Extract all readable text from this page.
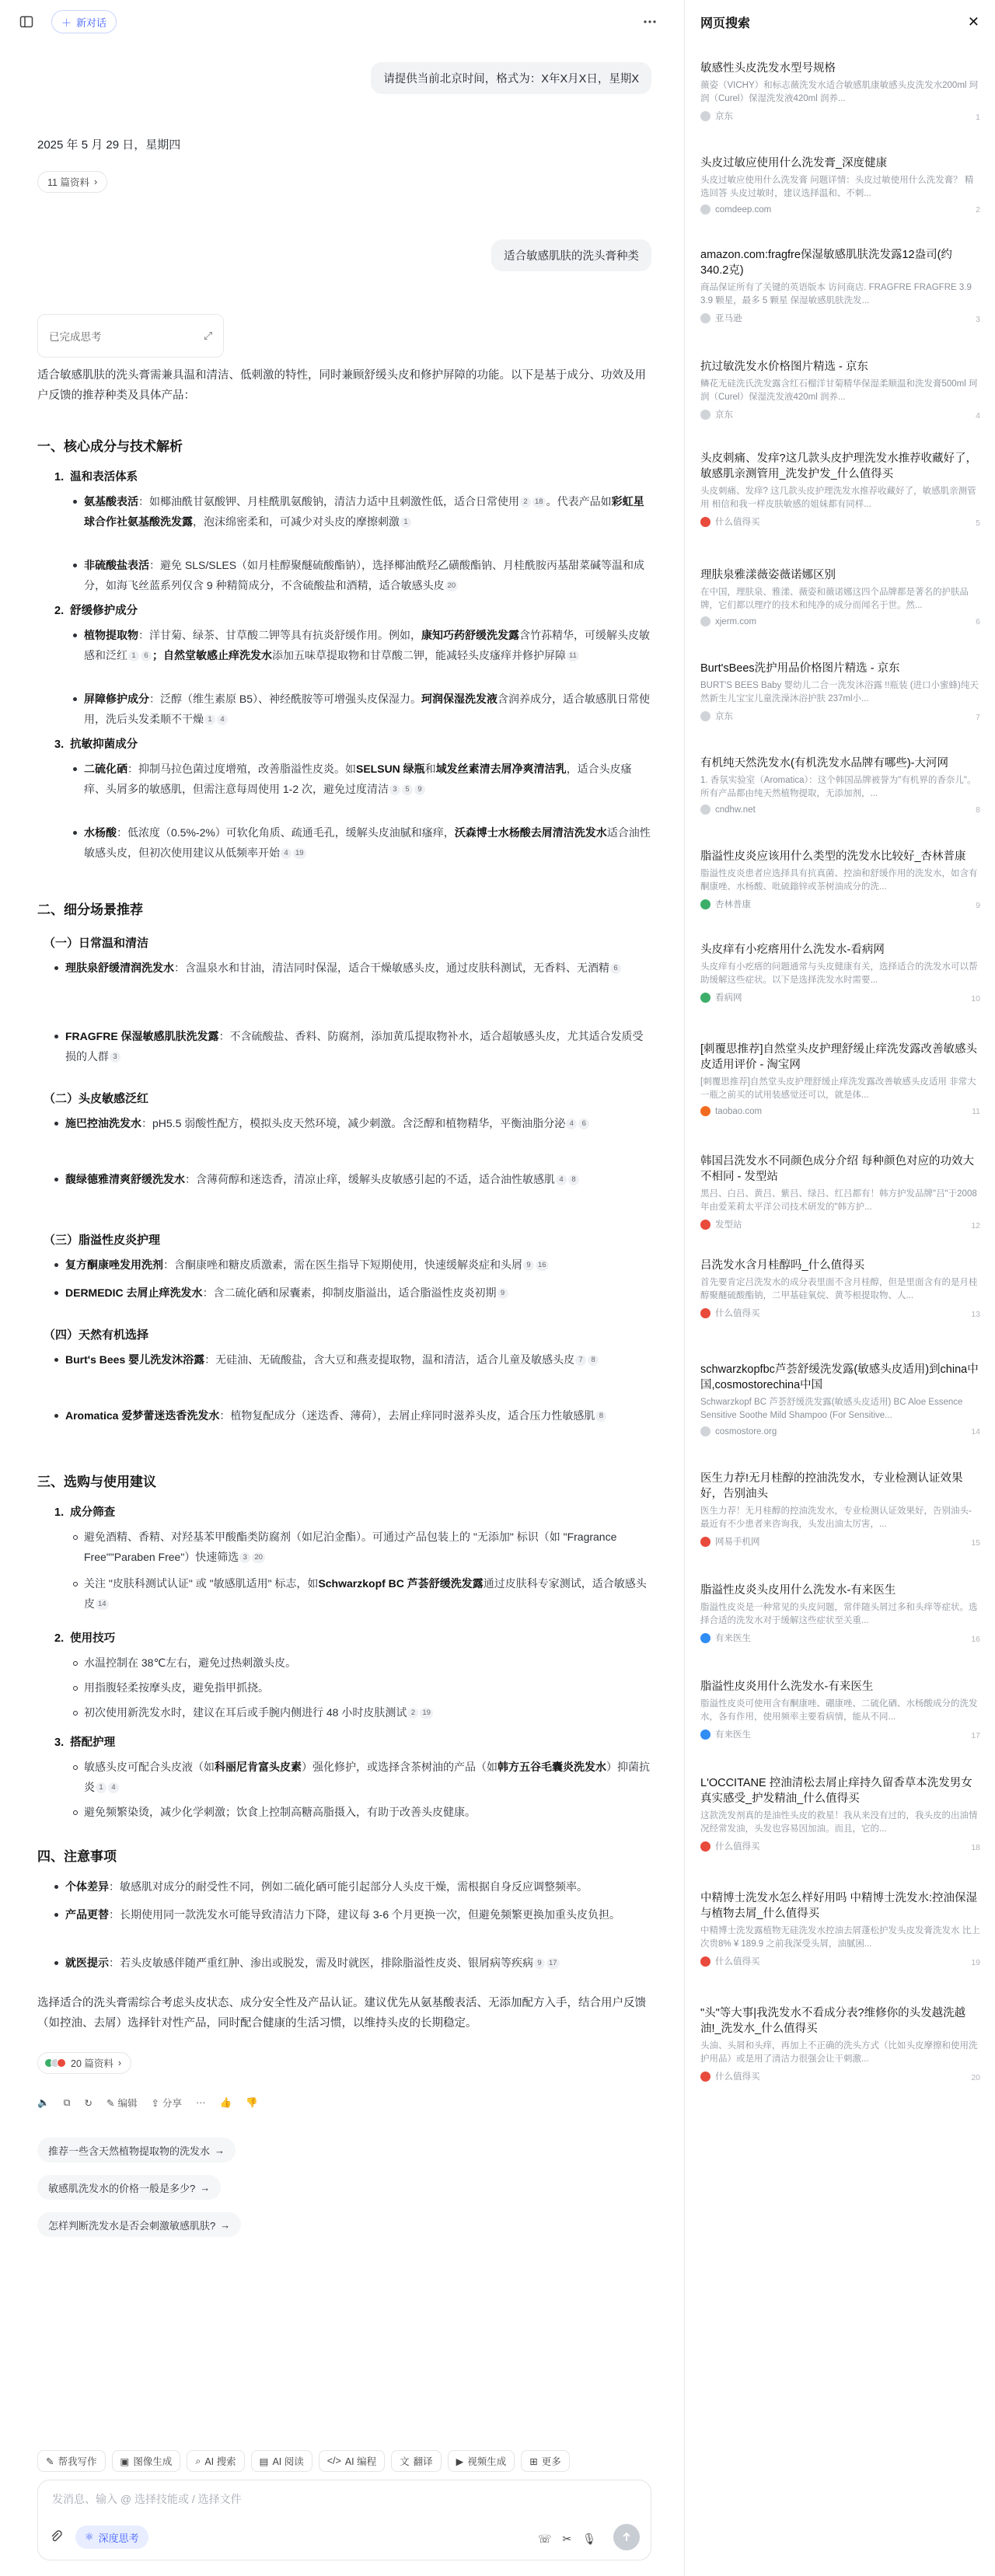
＋ 新对话
请提供当前北京时间，格式为：X年X月X日，星期X
2025 年 5 月 29 日，星期四
11 篇资料 ›
适合敏感肌肤的洗头膏种类
已完成思考	⤢
适合敏感肌肤的洗头膏需兼具温和清洁、低刺激的特性，同时兼顾舒缓头皮和修护屏障的功能。以下是基于成分、功效及用户反馈的推荐种类及具体产品：
一、核心成分与技术解析
1.  温和表活体系
氨基酸表活：如椰油酰甘氨酸钾、月桂酰肌氨酸钠，清洁力适中且刺激性低，适合日常使用 2 18 。代表产品如彩虹星球合作社氨基酸洗发露，泡沫绵密柔和，可减少对头皮的摩擦刺激 1
非硫酸盐表活：避免 SLS/SLES（如月桂醇聚醚硫酸酯钠），选择椰油酰羟乙磺酸酯钠、月桂酰胺丙基甜菜碱等温和成分，如海飞丝蓝系列仅含 9 种精简成分，不含硫酸盐和酒精，适合敏感头皮 20
2.  舒缓修护成分
植物提取物：洋甘菊、绿茶、甘草酸二钾等具有抗炎舒缓作用。例如，康知巧药舒缓洗发露含竹荪精华，可缓解头皮敏感和泛红 1 6 ；自然堂敏感止痒洗发水添加五味草提取物和甘草酸二钾，能减轻头皮瘙痒并修护屏障 11
屏障修护成分：泛醇（维生素原 B5）、神经酰胺等可增强头皮保湿力。珂润保湿洗发液含润养成分，适合敏感肌日常使用，洗后头发柔顺不干燥 1 4
3.  抗敏抑菌成分
二硫化硒：抑制马拉色菌过度增殖，改善脂溢性皮炎。如SELSUN 绿瓶和域发丝素清去屑净爽清洁乳，适合头皮瘙痒、头屑多的敏感肌，但需注意每周使用 1-2 次，避免过度清洁 3 5 9
水杨酸：低浓度（0.5%-2%）可软化角质、疏通毛孔，缓解头皮油腻和瘙痒，沃森博士水杨酸去屑清洁洗发水适合油性敏感头皮，但初次使用建议从低频率开始 4 19
二、细分场景推荐
（一）日常温和清洁
理肤泉舒缓清润洗发水：含温泉水和甘油，清洁同时保湿，适合干燥敏感头皮，通过皮肤科测试，无香料、无酒精 6
FRAGFRE 保湿敏感肌肤洗发露：不含硫酸盐、香料、防腐剂，添加黄瓜提取物补水，适合超敏感头皮，尤其适合发质受损的人群 3
（二）头皮敏感泛红
施巴控油洗发水：pH5.5 弱酸性配方，模拟头皮天然环境，减少刺激。含泛醇和植物精华，平衡油脂分泌 4 6
馥绿德雅清爽舒缓洗发水：含薄荷醇和迷迭香，清凉止痒，缓解头皮敏感引起的不适，适合油性敏感肌 4 8
（三）脂溢性皮炎护理
复方酮康唑发用洗剂：含酮康唑和糖皮质激素，需在医生指导下短期使用，快速缓解炎症和头屑 9 16
DERMEDIC 去屑止痒洗发水：含二硫化硒和尿囊素，抑制皮脂溢出，适合脂溢性皮炎初期 9
（四）天然有机选择
Burt's Bees 婴儿洗发沐浴露：无硅油、无硫酸盐，含大豆和燕麦提取物，温和清洁，适合儿童及敏感头皮 7 8
Aromatica 爱梦蕾迷迭香洗发水：植物复配成分（迷迭香、薄荷），去屑止痒同时滋养头皮，适合压力性敏感肌 8
三、选购与使用建议
1.  成分筛查
避免酒精、香精、对羟基苯甲酸酯类防腐剂（如尼泊金酯）。可通过产品包装上的 "无添加" 标识（如 "Fragrance Free""Paraben Free"）快速筛选 3 20
关注 "皮肤科测试认证" 或 "敏感肌适用" 标志，如Schwarzkopf BC 芦荟舒缓洗发露通过皮肤科专家测试，适合敏感头皮 14
2.  使用技巧
水温控制在 38℃左右，避免过热刺激头皮。
用指腹轻柔按摩头皮，避免指甲抓挠。
初次使用新洗发水时，建议在耳后或手腕内侧进行 48 小时皮肤测试 2 19
3.  搭配护理
敏感头皮可配合头皮液（如科丽尼肯富头皮素）强化修护，或选择含茶树油的产品（如韩方五谷毛囊炎洗发水）抑菌抗炎 1 4
避免频繁染烫，减少化学刺激；饮食上控制高糖高脂摄入，有助于改善头皮健康。
四、注意事项
个体差异：敏感肌对成分的耐受性不同，例如二硫化硒可能引起部分人头皮干燥，需根据自身反应调整频率。
产品更替：长期使用同一款洗发水可能导致清洁力下降，建议每 3-6 个月更换一次，但避免频繁更换加重头皮负担。
就医提示：若头皮敏感伴随严重红肿、渗出或脱发，需及时就医，排除脂溢性皮炎、银屑病等疾病 9 17
选择适合的洗头膏需综合考虑头皮状态、成分安全性及产品认证。建议优先从氨基酸表活、无添加配方入手，结合用户反馈（如控油、去屑）选择针对性产品，同时配合健康的生活习惯，以维持头皮的长期稳定。
20 篇资料 ›
🔈 ⧉ ↻ ✎ 编辑 ⇪ 分享 ··· 👍 👎
推荐一些含天然植物提取物的洗发水 →
敏感肌洗发水的价格一般是多少? →
怎样判断洗发水是否会刺激敏感肌肤? →
✎ 帮我写作 ▣ 图像生成 ⌕ AI 搜索 ▤ AI 阅读 </> AI 编程 文 翻译 ▶ 视频生成 ⊞ 更多
发消息、输入 @ 选择技能或 / 选择文件
⚛ 深度思考	☏ ✂ 🎙
网页搜索	✕
敏感性头皮洗发水型号规格
薇姿（VICHY）和标志薇洗发水适合敏感肌康敏感头皮洗发水200ml 珂润（Curel）保湿洗发液420ml 润养...
京东	1
头皮过敏应使用什么洗发膏_深度健康
头皮过敏应使用什么洗发膏 问题详情：头皮过敏使用什么洗发膏？ 精选回答 头皮过敏时，建议选择温和、不刺...
comdeep.com	2
amazon.com:fragfre保湿敏感肌肤洗发露12盎司(约340.2克)
商品保证所有了关键的英语版本 访问商店. FRAGFRE FRAGFRE 3.9 3.9 颗星，最多 5 颗星 保湿敏感肌肤洗发...
亚马逊	3
抗过敏洗发水价格图片精选 - 京东
鳞花无硅洗氏洗发露含红石榴洋甘菊精华保湿柔顺温和洗发膏500ml 珂润（Curel）保湿洗发液420ml 润养...
京东	4
头皮刺痛、发痒?这几款头皮护理洗发水推荐收藏好了，敏感肌亲测管用_洗发护发_什么值得买
头皮刺痛、发痒? 这几款头皮护理洗发水推荐收藏好了，敏感肌亲测管用 相信和我一样皮肤敏感的姐妹都有同样...
什么值得买	5
理肤泉雅漾薇姿薇诺娜区别
在中国，理肤泉、雅漾、薇姿和薇诺娜这四个品牌都是著名的护肤品牌，它们都以理疗的技术和纯净的成分而闻名于世。然...
xjerm.com	6
Burt'sBees洗护用品价格图片精选 - 京东
BURT'S BEES Baby 婴幼儿二合一洗发沐浴露 !!瓶装 (进口小蜜蜂)纯天然新生儿宝宝儿童洗澡沐浴护肤 237ml小...
京东	7
有机纯天然洗发水(有机洗发水品牌有哪些)-大河网
1. 香氛实验室（Aromatica）：这个韩国品牌被誉为"有机界的香奈儿"。所有产品都由纯天然植物提取，无添加剂，...
cndhw.net	8
脂溢性皮炎应该用什么类型的洗发水比较好_杏林普康
脂溢性皮炎患者应选择具有抗真菌、控油和舒缓作用的洗发水，如含有酮康唑、水杨酸、吡硫鎓锌或茶树油成分的洗...
杏林普康	9
头皮痒有小疙瘩用什么洗发水-看病网
头皮痒有小疙瘩的问题通常与头皮健康有关，选择适合的洗发水可以帮助缓解这些症状。以下是选择洗发水时需要...
看病网	10
[刺覆思推荐]自然堂头皮护理舒缓止痒洗发露改善敏感头皮适用评价 - 淘宝网
[刺覆思推荐]自然堂头皮护理舒缓止痒洗发露改善敏感头皮适用 非常大一瓶之前买的试用装感觉还可以，就是体...
taobao.com	11
韩国吕洗发水不同颜色成分介绍 每种颜色对应的功效大不相同 - 发型站
黑吕、白吕、黄吕、紫吕、绿吕、红吕都有！韩方护发品牌"吕"于2008年由爱茉莉太平洋公司技术研发的"韩方护...
发型站	12
吕洗发水含月桂醇吗_什么值得买
首先要肯定吕洗发水的成分表里面不含月桂醇，但是里面含有的是月桂醇聚醚硫酸酯钠，二甲基硅氧烷、黄芩根提取物、人...
什么值得买	13
schwarzkopfbc芦荟舒缓洗发露(敏感头皮适用)到china中国,cosmostorechina中国
Schwarzkopf BC 芦荟舒缓洗发露(敏感头皮适用) BC Aloe Essence Sensitive Soothe Mild Shampoo (For Sensitive...
cosmostore.org	14
医生力荐!无月桂醇的控油洗发水，专业检测认证效果好，告别油头
医生力荐！无月桂醇的控油洗发水，专业检测认证效果好，告别油头-最近有不少患者来咨询我，头发出油太厉害，...
网易手机网	15
脂溢性皮炎头皮用什么洗发水-有来医生
脂溢性皮炎是一种常见的头皮问题，常伴随头屑过多和头痒等症状。选择合适的洗发水对于缓解这些症状至关重...
有来医生	16
脂溢性皮炎用什么洗发水-有来医生
脂溢性皮炎可使用含有酮康唑、硼康唑、二硫化硒、水杨酸成分的洗发水，各有作用，使用频率主要看病情，能从不同...
有来医生	17
L'OCCITANE 控油清松去屑止痒持久留香草本洗发男女真实感受_护发精油_什么值得买
这款洗发剂真的是油性头皮的救星！我从来没有过的，我头皮的出油情况经常发油，头发也容易因加油。而且，它的...
什么值得买	18
中精博士洗发水怎么样好用吗 中精博士洗发水:控油保湿与植物去屑_什么值得买
中精博士洗发露植物无硅洗发水控油去屑蓬松护发头皮发膏洗发水 比上次贵8% ¥ 189.9 之前我深受头屑，油腻困...
什么值得买	19
"头"等大事|我洗发水不看成分表?维修你的头发越洗越油!_洗发水_什么值得买
头油、头屑和头痒，再加上不正确的洗头方式（比如头皮摩擦和使用洗护用品）或是用了清洁力很强会让干刺激...
什么值得买	20
